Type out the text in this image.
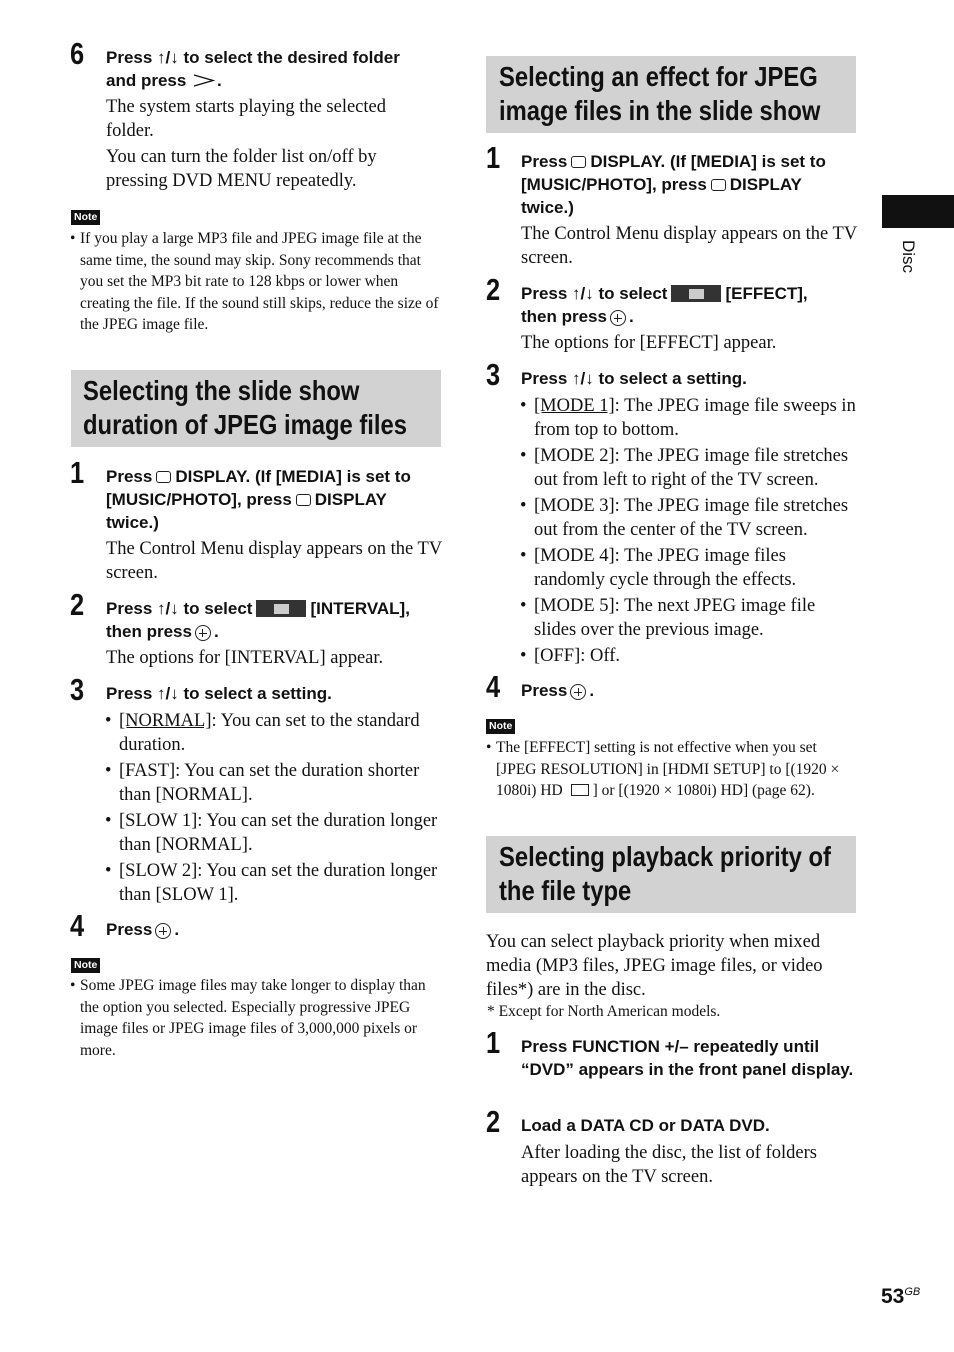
6 Press ↑/↓ to select the desired folder
and press .
The system starts playing the selected folder.
You can turn the folder list on/off by pressing DVD MENU repeatedly.
Note
• If you play a large MP3 file and JPEG image file at the same time, the sound may skip. Sony recommends that you set the MP3 bit rate to 128 kbps or lower when creating the file. If the sound still skips, reduce the size of the JPEG image file.
Selecting the slide show
duration of JPEG image files
1 Press DISPLAY. (If [MEDIA] is set to
[MUSIC/PHOTO], press DISPLAY
twice.)
The Control Menu display appears on the TV screen.
2 Press ↑/↓ to select	[INTERVAL],
then press .
The options for [INTERVAL] appear.
3 Press ↑/↓ to select a setting.
• [NORMAL]: You can set to the standard duration.
• [FAST]: You can set the duration shorter than [NORMAL].
• [SLOW 1]: You can set the duration longer than [NORMAL].
• [SLOW 2]: You can set the duration longer than [SLOW 1].
4 Press .
Note
• Some JPEG image files may take longer to display than the option you selected. Especially progressive JPEG image files or JPEG image files of 3,000,000 pixels or more.
Selecting an effect for JPEG
image files in the slide show
1 Press DISPLAY. (If [MEDIA] is set to
[MUSIC/PHOTO], press DISPLAY
twice.)
The Control Menu display appears on the TV screen.
2 Press ↑/↓ to select	[EFFECT],
then press .
The options for [EFFECT] appear.
3 Press ↑/↓ to select a setting.
• [MODE 1]: The JPEG image file sweeps in from top to bottom.
• [MODE 2]: The JPEG image file stretches out from left to right of the TV screen.
• [MODE 3]: The JPEG image file stretches out from the center of the TV screen.
• [MODE 4]: The JPEG image files randomly cycle through the effects.
• [MODE 5]: The next JPEG image file slides over the previous image.
• [OFF]: Off.
4 Press .
Note
• The [EFFECT] setting is not effective when you set [JPEG RESOLUTION] in [HDMI SETUP] to [(1920 × 1080i) HD ] or [(1920 × 1080i) HD] (page 62).
Selecting playback priority of
the file type
You can select playback priority when mixed media (MP3 files, JPEG image files, or video files*) are in the disc.
* Except for North American models.
1 Press FUNCTION +/– repeatedly until “DVD” appears in the front panel display.
2 Load a DATA CD or DATA DVD.
After loading the disc, the list of folders appears on the TV screen.
Disc
$53^{GB}$
